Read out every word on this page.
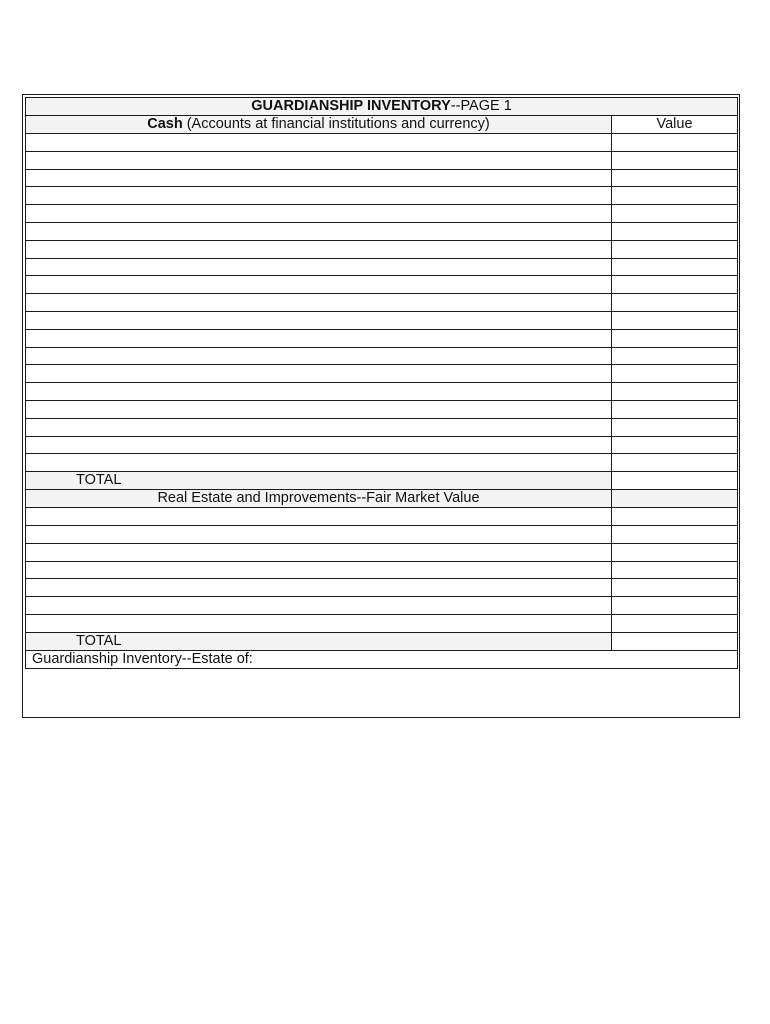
GUARDIANSHIP INVENTORY--PAGE 1	
Cash (Accounts at financial institutions and currency)	Value

TOTAL	

Real Estate and Improvements--Fair Market Value	

TOTAL	

Guardianship Inventory--Estate of:	
